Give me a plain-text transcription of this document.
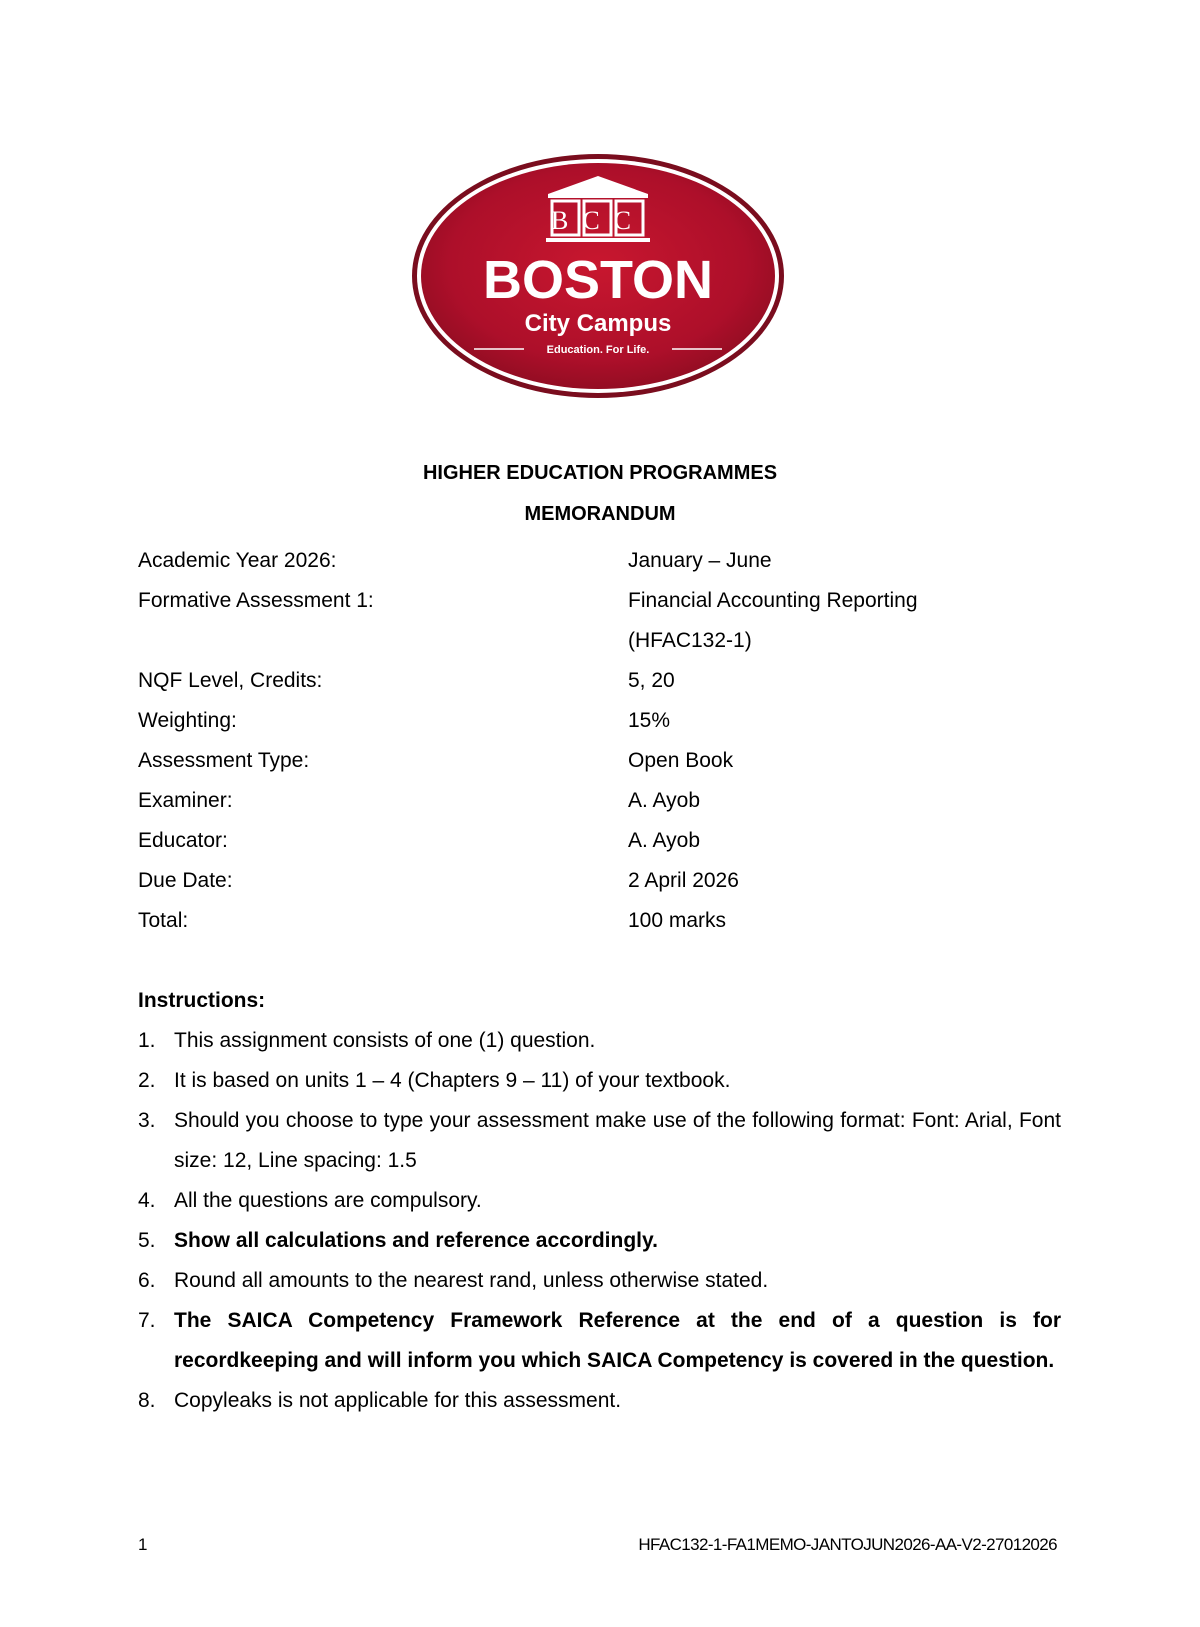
BCC
BOSTON
City Campus
Education. For Life.
HIGHER EDUCATION PROGRAMMES
MEMORANDUM
Academic Year 2026:	January – June
Formative Assessment 1:	Financial Accounting Reporting
(HFAC132-1)
NQF Level, Credits:	5, 20
Weighting:	15%
Assessment Type:	Open Book
Examiner:	A. Ayob
Educator:	A. Ayob
Due Date:	2 April 2026
Total:	100 marks
Instructions:
1. This assignment consists of one (1) question.
2. It is based on units 1 – 4 (Chapters 9 – 11) of your textbook.
3. Should you choose to type your assessment make use of the following format: Font: Arial, Font size: 12, Line spacing: 1.5
4. All the questions are compulsory.
5. Show all calculations and reference accordingly.
6. Round all amounts to the nearest rand, unless otherwise stated.
7. The SAICA Competency Framework Reference at the end of a question is for recordkeeping and will inform you which SAICA Competency is covered in the question.
8. Copyleaks is not applicable for this assessment.
1	HFAC132-1-FA1MEMO-JANTOJUN2026-AA-V2-27012026
